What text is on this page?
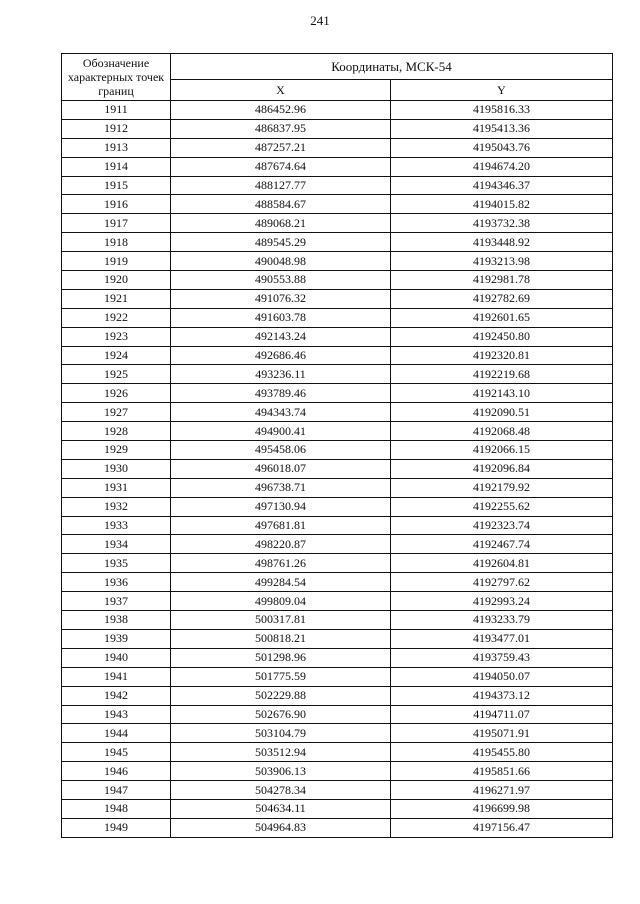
241
Обозначение характерных точек границ	Координаты, МСК-54	
	X	Y
1911	486452.96	4195816.33
1912	486837.95	4195413.36
1913	487257.21	4195043.76
1914	487674.64	4194674.20
1915	488127.77	4194346.37
1916	488584.67	4194015.82
1917	489068.21	4193732.38
1918	489545.29	4193448.92
1919	490048.98	4193213.98
1920	490553.88	4192981.78
1921	491076.32	4192782.69
1922	491603.78	4192601.65
1923	492143.24	4192450.80
1924	492686.46	4192320.81
1925	493236.11	4192219.68
1926	493789.46	4192143.10
1927	494343.74	4192090.51
1928	494900.41	4192068.48
1929	495458.06	4192066.15
1930	496018.07	4192096.84
1931	496738.71	4192179.92
1932	497130.94	4192255.62
1933	497681.81	4192323.74
1934	498220.87	4192467.74
1935	498761.26	4192604.81
1936	499284.54	4192797.62
1937	499809.04	4192993.24
1938	500317.81	4193233.79
1939	500818.21	4193477.01
1940	501298.96	4193759.43
1941	501775.59	4194050.07
1942	502229.88	4194373.12
1943	502676.90	4194711.07
1944	503104.79	4195071.91
1945	503512.94	4195455.80
1946	503906.13	4195851.66
1947	504278.34	4196271.97
1948	504634.11	4196699.98
1949	504964.83	4197156.47
